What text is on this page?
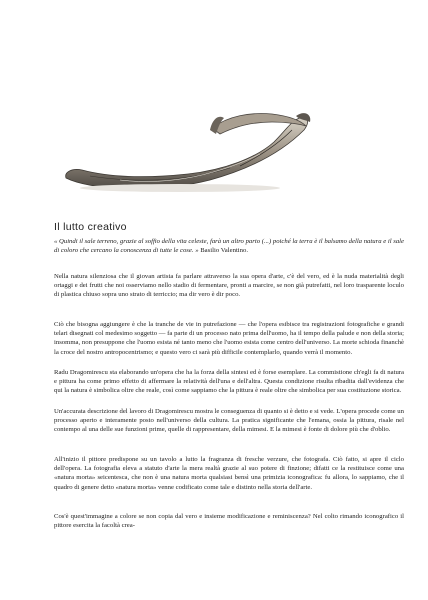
Il lutto creativo
« Quindi il sale terreno, grazie al soffio della vita celeste, farà un altro parto (...) poiché la terra è il balsamo della natura e il sale di coloro che cercano la conoscenza di tutte le cose. » Basilio Valentino.

Nella natura silenziosa che il giovan artista fa parlare attraverso la sua opera d'arte, c'è del vero, ed è la nuda materialità degli ortaggi e dei frutti che noi osserviamo nello stadio di fermentare, pronti a marcire, se non già putrefatti, nel loro trasparente loculo di plastica chiuso sopra uno strato di terriccio; ma dir vero è dir poco.

Ciò che bisogna aggiungere è che la tranche de vie in putrefazione — che l'opera esibisce tra registrazioni fotografiche e grandi telari disegnati col medesimo soggetto — fa parte di un processo nato prima dell'uomo, ha il tempo della palude e non della storia; insomma, non presuppone che l'uomo esista né tanto meno che l'uomo esista come centro dell'universo. La morte schioda financhè la croce del nostro antropocentrismo; e questo vero ci sarà più difficile contemplarlo, quando verrà il momento.

Radu Dragomirescu sta elaborando un'opera che ha la forza della sintesi ed è forse esemplare. La commistione ch'egli fa di natura e pittura ha come primo effetto di affermare la relatività dell'una e dell'altra. Questa condizione risulta ribadita dall'evidenza che qui la natura è simbolica oltre che reale, così come sappiamo che la pittura è reale oltre che simbolica per sua costituzione storica.

Un'accurata descrizione del lavoro di Dragomirescu mostra le conseguenza di quanto si è detto e si vede. L'opera procede come un processo aperto e interamente posto nell'universo della cultura. La pratica significante che l'emana, ossia la pittura, risale nel contempo al una delle sue funzioni prime, quelle di rappresentare, della mimesi. E la mimesi è fonte di dolore più che d'oblio.

All'inizio il pittore predispone su un tavolo a lutto la fragranza di fresche verzure, che fotografa. Ciò fatto, si apre il ciclo dell'opera. La fotografia eleva a statuto d'arte la mera realtà grazie al suo potere di finzione; difatti ce la restituisce come una «natura morta» seicentesca, che non è una natura morta qualsiasi bensì una primizia iconografica: fu allora, lo sappiamo, che il quadro di genere detto «natura morta» venne codificato come tale e distinto nella storia dell'arte.

Cos'è quest'immagine a colore se non copia dal vero e insieme modificazione e reminiscenza? Nel colto rimando iconografico il pittore esercita la facoltà crea-
